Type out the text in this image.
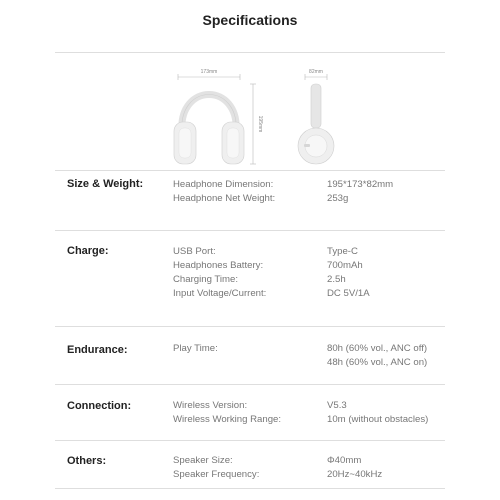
Specifications
173mm
195mm
82mm
Size & Weight:	Headphone Dimension:	195*173*82mm
Headphone Net Weight:	253g
Charge:	USB Port:	Type-C
Headphones Battery:	700mAh
Charging Time:	2.5h
Input Voltage/Current:	DC 5V/1A
Endurance:	Play Time:	80h (60% vol., ANC off)
48h (60% vol., ANC on)
Connection:	Wireless Version:	V5.3
Wireless Working Range:	10m (without obstacles)
Others:	Speaker Size:	Φ40mm
Speaker Frequency:	20Hz~40kHz
